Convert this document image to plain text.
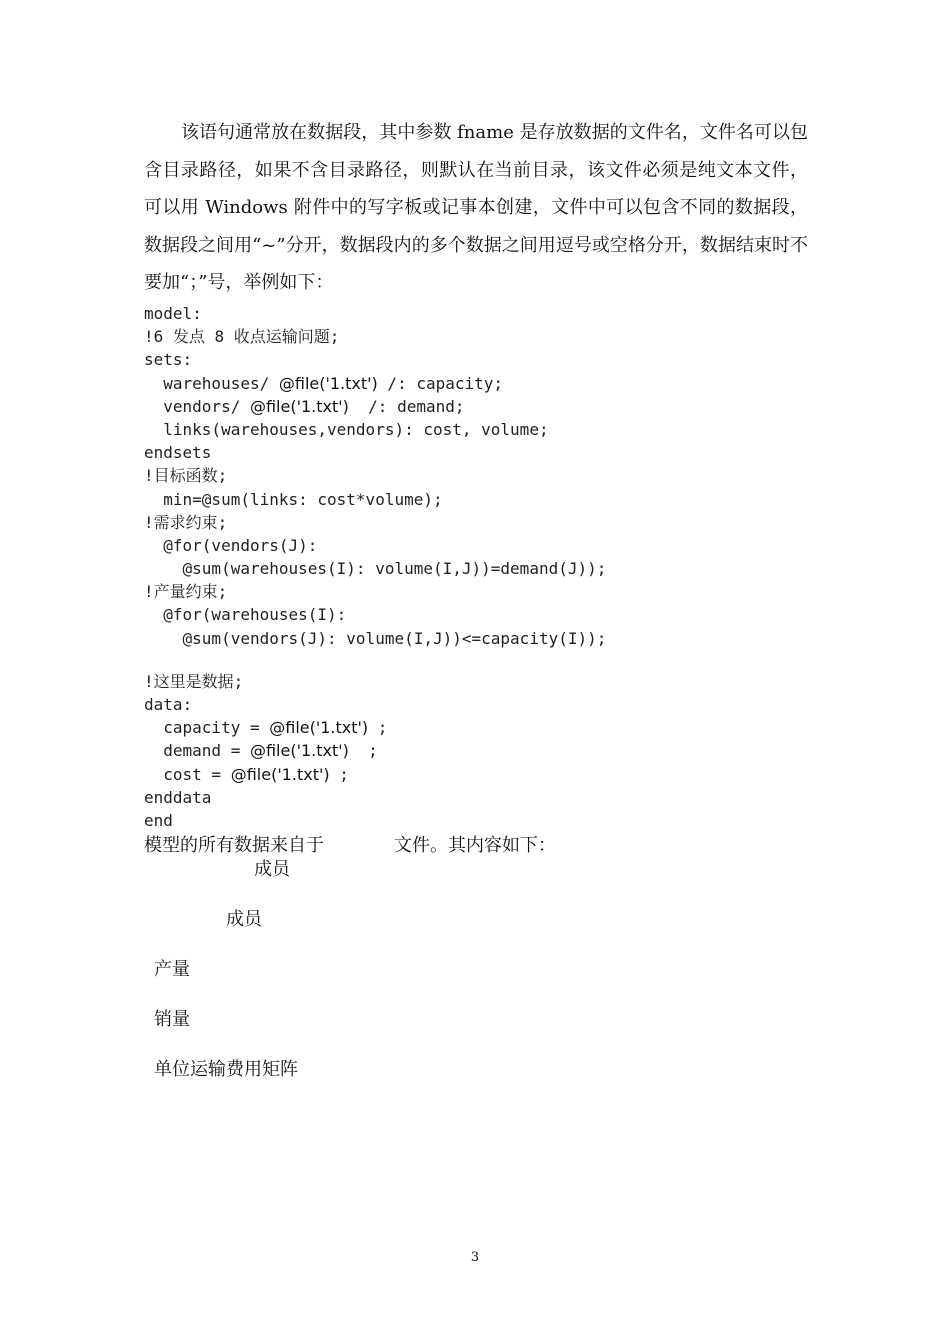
该语句通常放在数据段，其中参数 fname 是存放数据的文件名，文件名可以包含目录路径，如果不含目录路径，则默认在当前目录，该文件必须是纯文本文件，可以用 Windows 附件中的写字板或记事本创建，文件中可以包含不同的数据段，数据段之间用“~”分开，数据段内的多个数据之间用逗号或空格分开，数据结束时不要加“；”号，举例如下：

model:
!6 发点 8 收点运输问题;
sets:
warehouses/ @file('1.txt') /: capacity;
vendors/ @file('1.txt')  /: demand;
links(warehouses,vendors): cost, volume;
endsets
!目标函数;
min=@sum(links: cost*volume);
!需求约束;
@for(vendors(J):
@sum(warehouses(I): volume(I,J))=demand(J));
!产量约束;
@for(warehouses(I):
@sum(vendors(J): volume(I,J))<=capacity(I));
!这里是数据;
data:
capacity = @file('1.txt') ;
demand = @file('1.txt')  ;
cost = @file('1.txt') ;
enddata
end
模型的所有数据来自于	文件。其内容如下：
成员
成员
产量
销量
单位运输费用矩阵
3
